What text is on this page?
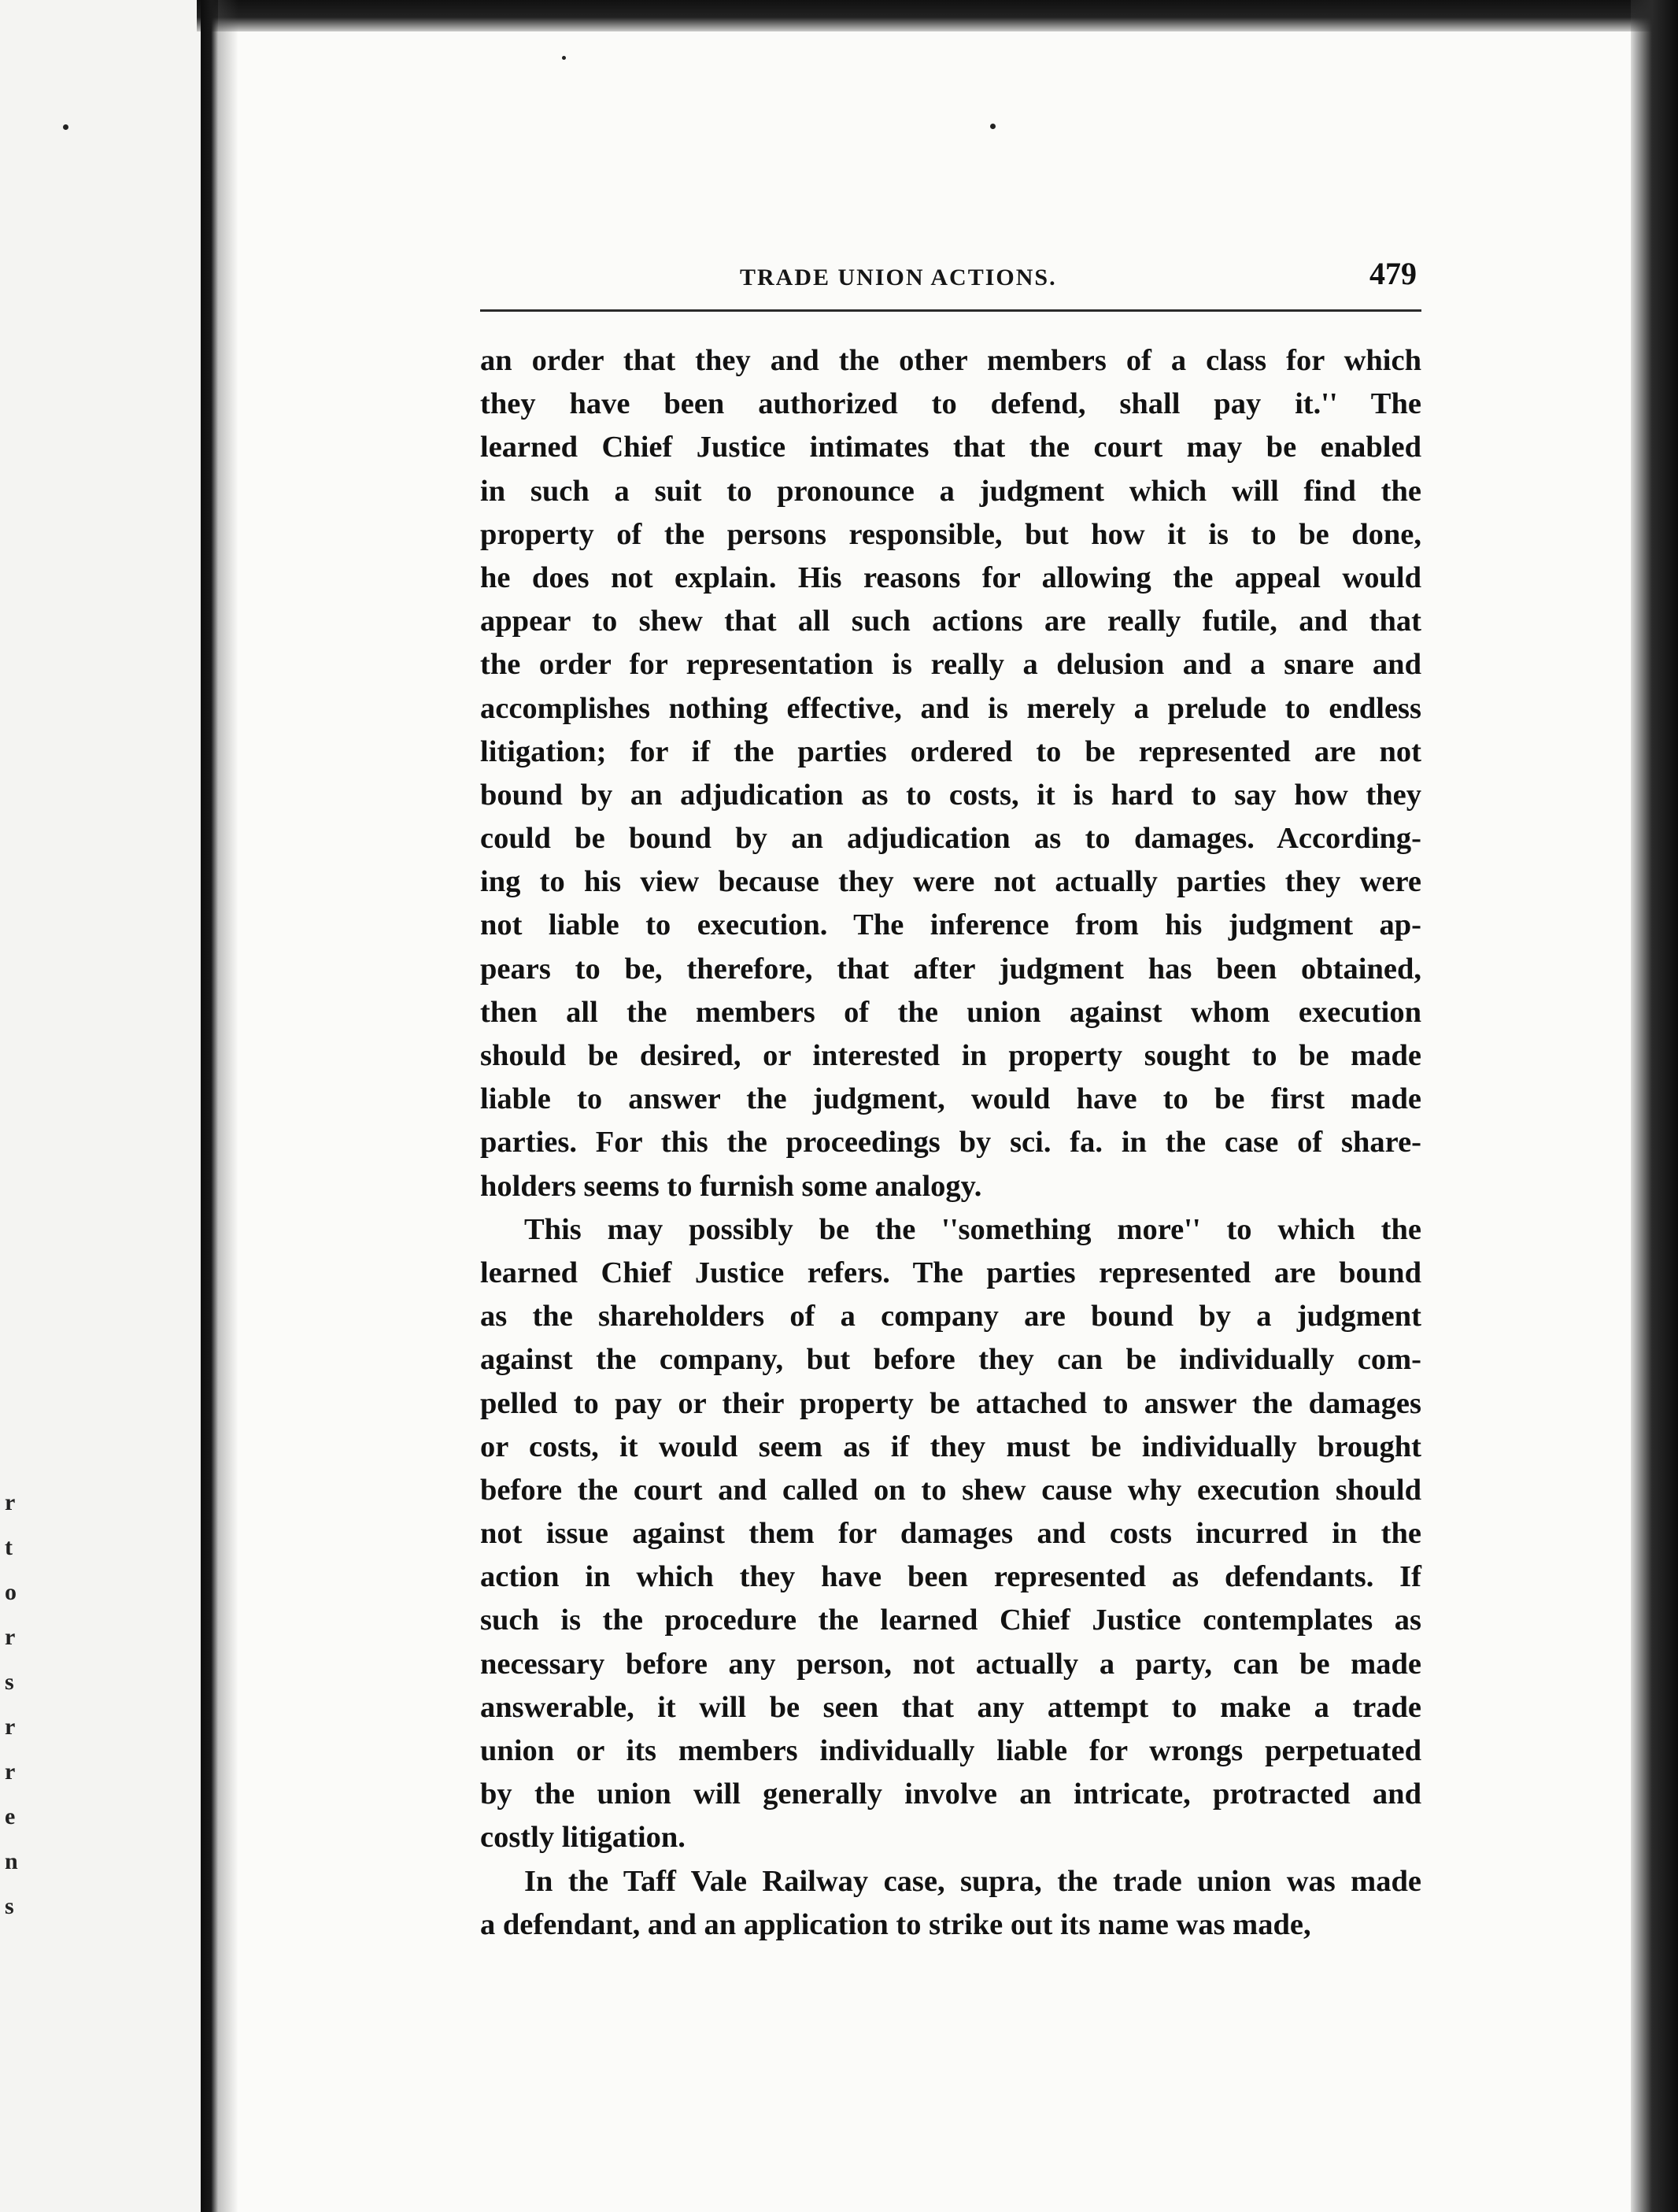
r
t
o
r
s
r
r
e
n
s
TRADE UNION ACTIONS.	479
an order that they and the other members of a class for which
they have been authorized to defend, shall pay it.'' The
learned Chief Justice intimates that the court may be enabled
in such a suit to pronounce a judgment which will find the
property of the persons responsible, but how it is to be done,
he does not explain. His reasons for allowing the appeal would
appear to shew that all such actions are really futile, and that
the order for representation is really a delusion and a snare and
accomplishes nothing effective, and is merely a prelude to endless
litigation; for if the parties ordered to be represented are not
bound by an adjudication as to costs, it is hard to say how they
could be bound by an adjudication as to damages. According-
ing to his view because they were not actually parties they were
not liable to execution. The inference from his judgment ap-
pears to be, therefore, that after judgment has been obtained,
then all the members of the union against whom execution
should be desired, or interested in property sought to be made
liable to answer the judgment, would have to be first made
parties. For this the proceedings by sci. fa. in the case of share-
holders seems to furnish some analogy.
This may possibly be the ''something more'' to which the
learned Chief Justice refers. The parties represented are bound
as the shareholders of a company are bound by a judgment
against the company, but before they can be individually com-
pelled to pay or their property be attached to answer the damages
or costs, it would seem as if they must be individually brought
before the court and called on to shew cause why execution should
not issue against them for damages and costs incurred in the
action in which they have been represented as defendants. If
such is the procedure the learned Chief Justice contemplates as
necessary before any person, not actually a party, can be made
answerable, it will be seen that any attempt to make a trade
union or its members individually liable for wrongs perpetuated
by the union will generally involve an intricate, protracted and
costly litigation.
In the Taff Vale Railway case, supra, the trade union was made
a defendant, and an application to strike out its name was made,
